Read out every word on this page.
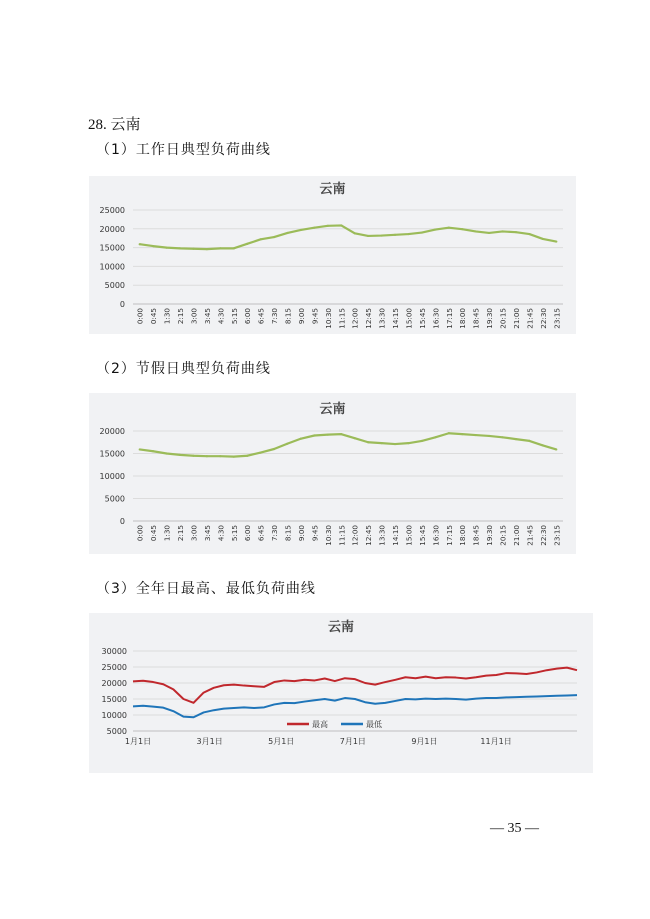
28. 云南
（1）工作日典型负荷曲线
云南
0
5000
10000
15000
20000
25000
0:00 0:45 1:30 2:15 3:00 3:45 4:30 5:15 6:00 6:45 7:30 8:15 9:00 9:45 10:30 11:15 12:00 12:45 13:30 14:15 15:00 15:45 16:30 17:15 18:00 18:45 19:30 20:15 21:00 21:45 22:30 23:15
（2）节假日典型负荷曲线
云南
0
5000
10000
15000
20000
0:00 0:45 1:30 2:15 3:00 3:45 4:30 5:15 6:00 6:45 7:30 8:15 9:00 9:45 10:30 11:15 12:00 12:45 13:30 14:15 15:00 15:45 16:30 17:15 18:00 18:45 19:30 20:15 21:00 21:45 22:30 23:15
（3）全年日最高、最低负荷曲线
云南
5000
10000
15000
20000
25000
30000
1月1日	3月1日	5月1日	7月1日	9月1日	11月1日
最高	最低
— 35 —
